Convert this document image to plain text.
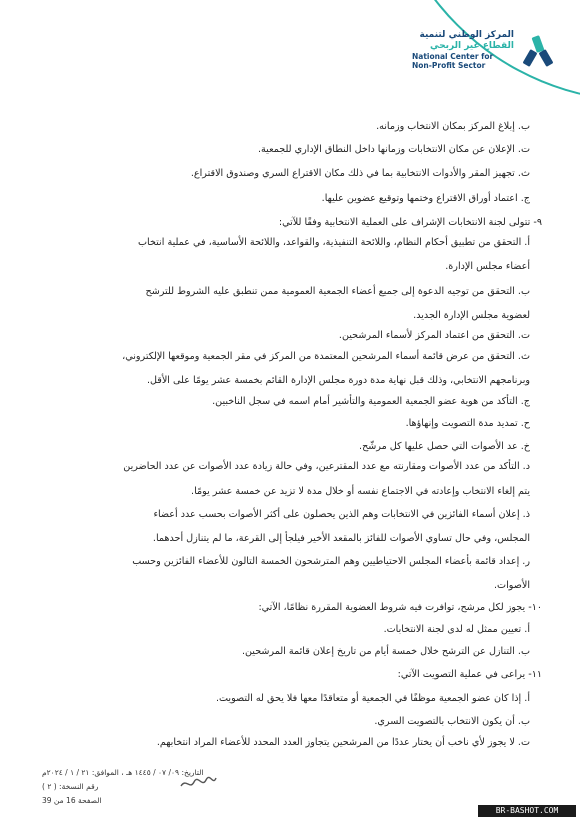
المركز الوطني لتنمية
القطاع غير الربحي
National Center for
Non-Profit Sector
ب. إبلاغ المركز بمكان الانتخاب وزمانه.
ت. الإعلان عن مكان الانتخابات وزمانها داخل النطاق الإداري للجمعية.
ث. تجهيز المقر والأدوات الانتخابية بما في ذلك مكان الاقتراع السري وصندوق الاقتراع.
ج. اعتماد أوراق الاقتراع وختمها وتوقيع عضوين عليها.
٩- تتولى لجنة الانتخابات الإشراف على العملية الانتخابية وفقًا للآتي:
أ. التحقق من تطبيق أحكام النظام، واللائحة التنفيذية، والقواعد، واللائحة الأساسية، في عملية انتخاب
أعضاء مجلس الإدارة.
ب. التحقق من توجيه الدعوة إلى جميع أعضاء الجمعية العمومية ممن تنطبق عليه الشروط للترشح
لعضوية مجلس الإدارة الجديد.
ت. التحقق من اعتماد المركز لأسماء المرشحين.
ث. التحقق من عرض قائمة أسماء المرشحين المعتمدة من المركز في مقر الجمعية وموقعها الإلكتروني،
وبرنامجهم الانتخابي، وذلك قبل نهاية مدة دورة مجلس الإدارة القائم بخمسة عشر يومًا على الأقل.
ج. التأكد من هوية عضو الجمعية العمومية والتأشير أمام اسمه في سجل الناخبين.
ح. تمديد مدة التصويت وإنهاؤها.
خ. عد الأصوات التي حصل عليها كل مرشّح.
د. التأكد من عدد الأصوات ومقارنته مع عدد المقترعين، وفي حالة زيادة عدد الأصوات عن عدد الحاضرين
يتم إلغاء الانتخاب وإعادته في الاجتماع نفسه أو خلال مدة لا تزيد عن خمسة عشر يومًا.
ذ. إعلان أسماء الفائزين في الانتخابات وهم الذين يحصلون على أكثر الأصوات بحسب عدد أعضاء
المجلس، وفي حال تساوي الأصوات للفائز بالمقعد الأخير فيلجأ إلى القرعة، ما لم يتنازل أحدهما.
ر. إعداد قائمة بأعضاء المجلس الاحتياطيين وهم المترشحون الخمسة التالون للأعضاء الفائزين وحسب
الأصوات.
١٠- يجوز لكل مرشح، توافرت فيه شروط العضوية المقررة نظامًا، الآتي:
أ. تعيين ممثل له لدى لجنة الانتخابات.
ب. التنازل عن الترشح خلال خمسة أيام من تاريخ إعلان قائمة المرشحين.
١١- يراعى في عملية التصويت الآتي:
أ. إذا كان عضو الجمعية موظفًا في الجمعية أو متعاقدًا معها فلا يحق له التصويت.
ب. أن يكون الانتخاب بالتصويت السري.
ت. لا يجوز لأي ناخب أن يختار عددًا من المرشحين يتجاوز العدد المحدد للأعضاء المراد انتخابهم.
التاريخ: ٠٩/ ٠٧ / ١٤٤٥ هـ ، الموافق: ٢١ / ١ / ٢٠٢٤م
رقم النسخة: ( ٢ )
الصفحة 16 من 39
BR-BASHOT.COM
